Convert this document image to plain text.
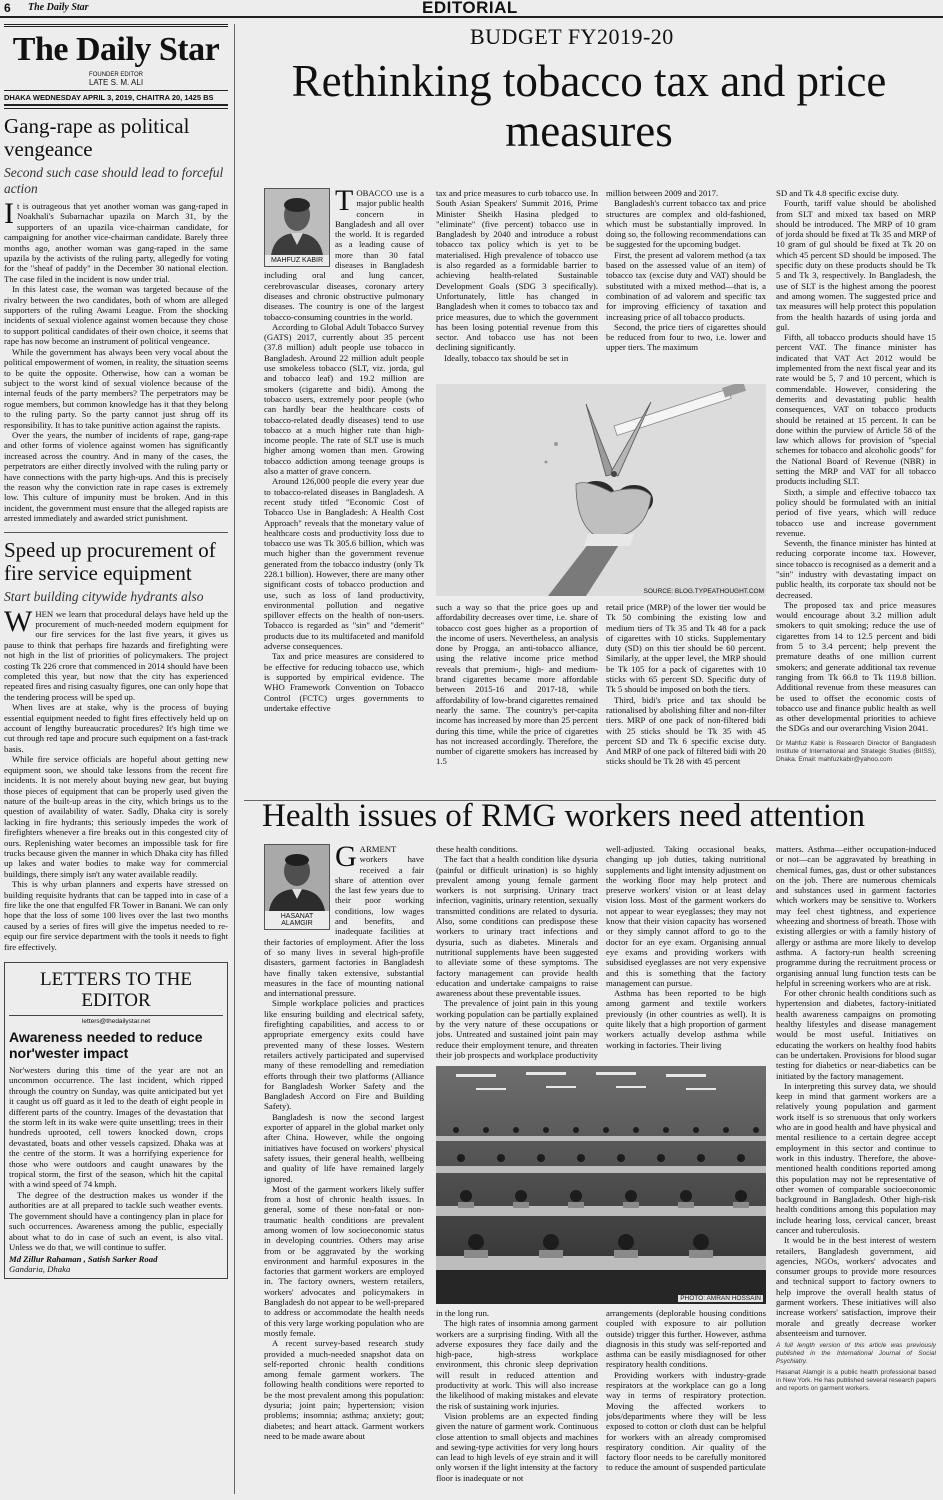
6 The Daily Star	EDITORIAL
The Daily Star
FOUNDER EDITOR
LATE S. M. ALI
DHAKA WEDNESDAY APRIL 3, 2019, CHAITRA 20, 1425 BS
Gang-rape as political vengeance
Second such case should lead to forceful action

It is outrageous that yet another woman was gang-raped in Noakhali's Subarnachar upazila on March 31, by the supporters of an upazila vice-chairman candidate, for campaigning for another vice-chairman candidate. Barely three months ago, another woman was gang-raped in the same upazila by the activists of the ruling party, allegedly for voting for the "sheaf of paddy" in the December 30 national election. The case filed in the incident is now under trial.

In this latest case, the woman was targeted because of the rivalry between the two candidates, both of whom are alleged supporters of the ruling Awami League. From the shocking incidents of sexual violence against women because they chose to support political candidates of their own choice, it seems that rape has now become an instrument of political vengeance.

While the government has always been very vocal about the political empowerment of women, in reality, the situation seems to be quite the opposite. Otherwise, how can a woman be subject to the worst kind of sexual violence because of the internal feuds of the party members? The perpetrators may be rogue members, but common knowledge has it that they belong to the ruling party. So the party cannot just shrug off its responsibility. It has to take punitive action against the rapists.

Over the years, the number of incidents of rape, gang-rape and other forms of violence against women has significantly increased across the country. And in many of the cases, the perpetrators are either directly involved with the ruling party or have connections with the party high-ups. And this is precisely the reason why the conviction rate in rape cases is extremely low. This culture of impunity must be broken. And in this incident, the government must ensure that the alleged rapists are arrested immediately and awarded strict punishment.

Speed up procurement of fire service equipment
Start building citywide hydrants also

WHEN we learn that procedural delays have held up the procurement of much-needed modern equipment for our fire services for the last five years, it gives us pause to think that perhaps fire hazards and firefighting were not high in the list of priorities of policymakers. The project costing Tk 226 crore that commenced in 2014 should have been completed this year, but now that the city has experienced repeated fires and rising casualty figures, one can only hope that the tendering process will be sped up.

When lives are at stake, why is the process of buying essential equipment needed to fight fires effectively held up on account of lengthy bureaucratic procedures? It's high time we cut through red tape and procure such equipment on a fast-track basis.

While fire service officials are hopeful about getting new equipment soon, we should take lessons from the recent fire incidents. It is not merely about buying new gear, but buying those pieces of equipment that can be properly used given the nature of the built-up areas in the city, which brings us to the question of availability of water. Sadly, Dhaka city is sorely lacking in fire hydrants; this seriously impedes the work of firefighters whenever a fire breaks out in this congested city of ours. Replenishing water becomes an impossible task for fire trucks because given the manner in which Dhaka city has filled up lakes and water bodies to make way for commercial buildings, there simply isn't any water available readily.

This is why urban planners and experts have stressed on building requisite hydrants that can be tapped into in case of a fire like the one that engulfed FR Tower in Banani. We can only hope that the loss of some 100 lives over the last two months caused by a series of fires will give the impetus needed to re-equip our fire service department with the tools it needs to fight fire effectively.

LETTERS TO THE EDITOR
letters@thedailystar.net
Awareness needed to reduce nor'wester impact

Nor'westers during this time of the year are not an uncommon occurrence. The last incident, which ripped through the country on Sunday, was quite anticipated but yet it caught us off guard as it led to the death of eight people in different parts of the country. Images of the devastation that the storm left in its wake were quite unsettling; trees in their hundreds uprooted, cell towers knocked down, crops devastated, boats and other vessels capsized. Dhaka was at the centre of the storm. It was a horrifying experience for those who were outdoors and caught unawares by the tropical storm, the first of the season, which hit the capital with a wind speed of 74 kmph.

The degree of the destruction makes us wonder if the authorities are at all prepared to tackle such weather events. The government should have a contingency plan in place for such occurrences. Awareness among the public, especially about what to do in case of such an event, is also vital. Unless we do that, we will continue to suffer.

Md Zillur Rahaman , Satish Sarker Road
Gandaria, Dhaka
BUDGET FY2019-20
Rethinking tobacco tax and price measures
MAHFUZ KABIR

TOBACCO use is a major public health concern in Bangladesh and all over the world. It is regarded as a leading cause of more than 30 fatal diseases in Bangladesh including oral and lung cancer, cerebrovascular diseases, coronary artery diseases and chronic obstructive pulmonary diseases. The country is one of the largest tobacco-consuming countries in the world.

According to Global Adult Tobacco Survey (GATS) 2017, currently about 35 percent (37.8 million) adult people use tobacco in Bangladesh. Around 22 million adult people use smokeless tobacco (SLT, viz. jorda, gul and tobacco leaf) and 19.2 million are smokers (cigarette and bidi). Among the tobacco users, extremely poor people (who can hardly bear the healthcare costs of tobacco-related deadly diseases) tend to use tobacco at a much higher rate than high-income people. The rate of SLT use is much higher among women than men. Growing tobacco addiction among teenage groups is also a matter of grave concern.

Around 126,000 people die every year due to tobacco-related diseases in Bangladesh. A recent study titled "Economic Cost of Tobacco Use in Bangladesh: A Health Cost Approach" reveals that the monetary value of healthcare costs and productivity loss due to tobacco use was Tk 305.6 billion, which was much higher than the government revenue generated from the tobacco industry (only Tk 228.1 billion). However, there are many other significant costs of tobacco production and use, such as loss of land productivity, environmental pollution and negative spillover effects on the health of non-users. Tobacco is regarded as "sin" and "demerit" products due to its multifaceted and manifold adverse consequences.

Tax and price measures are considered to be effective for reducing tobacco use, which is supported by empirical evidence. The WHO Framework Convention on Tobacco Control (FCTC) urges governments to undertake effective

tax and price measures to curb tobacco use. In South Asian Speakers' Summit 2016, Prime Minister Sheikh Hasina pledged to "eliminate" (five percent) tobacco use in Bangladesh by 2040 and introduce a robust tobacco tax policy which is yet to be materialised. High prevalence of tobacco use is also regarded as a formidable barrier to achieving health-related Sustainable Development Goals (SDG 3 specifically). Unfortunately, little has changed in Bangladesh when it comes to tobacco tax and price measures, due to which the government has been losing potential revenue from this sector. And tobacco use has not been declining significantly.

Ideally, tobacco tax should be set in

million between 2009 and 2017.

Bangladesh's current tobacco tax and price structures are complex and old-fashioned, which must be substantially improved. In doing so, the following recommendations can be suggested for the upcoming budget.

First, the present ad valorem method (a tax based on the assessed value of an item) of tobacco tax (excise duty and VAT) should be substituted with a mixed method—that is, a combination of ad valorem and specific tax for improving efficiency of taxation and increasing price of all tobacco products.

Second, the price tiers of cigarettes should be reduced from four to two, i.e. lower and upper tiers. The maximum

SOURCE: BLOG.TYPEATHOUGHT.COM

such a way so that the price goes up and affordability decreases over time, i.e. share of tobacco cost goes higher as a proportion of the income of users. Nevertheless, an analysis done by Progga, an anti-tobacco alliance, using the relative income price method reveals that premium-, high- and medium-brand cigarettes became more affordable between 2015-16 and 2017-18, while affordability of low-brand cigarettes remained nearly the same. The country's per-capita income has increased by more than 25 percent during this time, while the price of cigarettes has not increased accordingly. Therefore, the number of cigarette smokers has increased by 1.5

retail price (MRP) of the lower tier would be Tk 50 combining the existing low and medium tiers of Tk 35 and Tk 48 for a pack of cigarettes with 10 sticks. Supplementary duty (SD) on this tier should be 60 percent. Similarly, at the upper level, the MRP should be Tk 105 for a pack of cigarettes with 10 sticks with 65 percent SD. Specific duty of Tk 5 should be imposed on both the tiers.

Third, bidi's price and tax should be rationalised by abolishing filter and non-filter tiers. MRP of one pack of non-filtered bidi with 25 sticks should be Tk 35 with 45 percent SD and Tk 6 specific excise duty. And MRP of one pack of filtered bidi with 20 sticks should be Tk 28 with 45 percent

SD and Tk 4.8 specific excise duty.

Fourth, tariff value should be abolished from SLT and mixed tax based on MRP should be introduced. The MRP of 10 gram of jorda should be fixed at Tk 35 and MRP of 10 gram of gul should be fixed at Tk 20 on which 45 percent SD should be imposed. The specific duty on these products should be Tk 5 and Tk 3, respectively. In Bangladesh, the use of SLT is the highest among the poorest and among women. The suggested price and tax measures will help protect this population from the health hazards of using jorda and gul.

Fifth, all tobacco products should have 15 percent VAT. The finance minister has indicated that VAT Act 2012 would be implemented from the next fiscal year and its rate would be 5, 7 and 10 percent, which is commendable. However, considering the demerits and devastating public health consequences, VAT on tobacco products should be retained at 15 percent. It can be done within the purview of Article 58 of the law which allows for provision of "special schemes for tobacco and alcoholic goods" for the National Board of Revenue (NBR) in setting the MRP and VAT for all tobacco products including SLT.

Sixth, a simple and effective tobacco tax policy should be formulated with an initial period of five years, which will reduce tobacco use and increase government revenue.

Seventh, the finance minister has hinted at reducing corporate income tax. However, since tobacco is recognised as a demerit and a "sin" industry with devastating impact on public health, its corporate tax should not be decreased.

The proposed tax and price measures would encourage about 3.2 million adult smokers to quit smoking; reduce the use of cigarettes from 14 to 12.5 percent and bidi from 5 to 3.4 percent; help prevent the premature deaths of one million current smokers; and generate additional tax revenue ranging from Tk 66.8 to Tk 119.8 billion. Additional revenue from these measures can be used to offset the economic costs of tobacco use and finance public health as well as other developmental priorities to achieve the SDGs and our overarching Vision 2041.

Dr Mahfuz Kabir is Research Director of Bangladesh Institute of International and Strategic Studies (BIISS), Dhaka. Email: mahfuzkabir@yahoo.com
Health issues of RMG workers need attention
HASANAT ALAMGIR

GARMENT workers have received a fair share of attention over the last few years due to their poor working conditions, low wages and benefits, and inadequate facilities at their factories of employment. After the loss of so many lives in several high-profile disasters, garment factories in Bangladesh have finally taken extensive, substantial measures in the face of mounting national and international pressure.

Simple workplace policies and practices like ensuring building and electrical safety, firefighting capabilities, and access to or appropriate emergency exits could have prevented many of these losses. Western retailers actively participated and supervised many of these remodelling and remediation efforts through their two platforms (Alliance for Bangladesh Worker Safety and the Bangladesh Accord on Fire and Building Safety).

Bangladesh is now the second largest exporter of apparel in the global market only after China. However, while the ongoing initiatives have focused on workers' physical safety issues, their general health, wellbeing and quality of life have remained largely ignored.

Most of the garment workers likely suffer from a host of chronic health issues. In general, some of these non-fatal or non-traumatic health conditions are prevalent among women of low socioeconomic status in developing countries. Others may arise from or be aggravated by the working environment and harmful exposures in the factories that garment workers are employed in. The factory owners, western retailers, workers' advocates and policymakers in Bangladesh do not appear to be well-prepared to address or accommodate the health needs of this very large working population who are mostly female.

A recent survey-based research study provided a much-needed snapshot data on self-reported chronic health conditions among female garment workers. The following health conditions were reported to be the most prevalent among this population: dysuria; joint pain; hypertension; vision problems; insomnia; asthma; anxiety; gout; diabetes; and heart attack. Garment workers need to be made aware about

these health conditions.

The fact that a health condition like dysuria (painful or difficult urination) is so highly prevalent among young female garment workers is not surprising. Urinary tract infection, vaginitis, urinary retention, sexually transmitted conditions are related to dysuria. Also, some conditions can predispose these workers to urinary tract infections and dysuria, such as diabetes. Minerals and nutritional supplements have been suggested to alleviate some of these symptoms. The factory management can provide health education and undertake campaigns to raise awareness about these preventable issues.

The prevalence of joint pain in this young working population can be partially explained by the very nature of these occupations or jobs. Untreated and sustained joint pain may reduce their employment tenure, and threaten their job prospects and workplace productivity

well-adjusted. Taking occasional beaks, changing up job duties, taking nutritional supplements and light intensity adjustment on the working floor may help protect and preserve workers' vision or at least delay vision loss. Most of the garment workers do not appear to wear eyeglasses; they may not know that their vision capacity has worsened or they simply cannot afford to go to the doctor for an eye exam. Organising annual eye exams and providing workers with subsidised eyeglasses are not very expensive and this is something that the factory management can pursue.

Asthma has been reported to be high among garment and textile workers previously (in other countries as well). It is quite likely that a high proportion of garment workers actually develop asthma while working in factories. Their living

PHOTO: AMRAN HOSSAIN

in the long run.

The high rates of insomnia among garment workers are a surprising finding. With all the adverse exposures they face daily and the high-pace, high-stress workplace environment, this chronic sleep deprivation will result in reduced attention and productivity at work. This will also increase the likelihood of making mistakes and elevate the risk of sustaining work injuries.

Vision problems are an expected finding given the nature of garment work. Continuous close attention to small objects and machines and sewing-type activities for very long hours can lead to high levels of eye strain and it will only worsen if the light intensity at the factory floor is inadequate or not

arrangements (deplorable housing conditions coupled with exposure to air pollution outside) trigger this further. However, asthma diagnosis in this study was self-reported and asthma can be easily misdiagnosed for other respiratory health conditions.

Providing workers with industry-grade respirators at the workplace can go a long way in terms of respiratory protection. Moving the affected workers to jobs/departments where they will be less exposed to cotton or cloth dust can be helpful for workers with an already compromised respiratory condition. Air quality of the factory floor needs to be carefully monitored to reduce the amount of suspended particulate

matters. Asthma—either occupation-induced or not—can be aggravated by breathing in chemical fumes, gas, dust or other substances on the job. There are numerous chemicals and substances used in garment factories which workers may be sensitive to. Workers may feel chest tightness, and experience wheezing and shortness of breath. Those with existing allergies or with a family history of allergy or asthma are more likely to develop asthma. A factory-run health screening programme during the recruitment process or organising annual lung function tests can be helpful in screening workers who are at risk.

For other chronic health conditions such as hypertension and diabetes, factory-initiated health awareness campaigns on promoting healthy lifestyles and disease management would be most useful. Initiatives on educating the workers on healthy food habits can be undertaken. Provisions for blood sugar testing for diabetics or near-diabetics can be initiated by the factory management.

In interpreting this survey data, we should keep in mind that garment workers are a relatively young population and garment work itself is so strenuous that only workers who are in good health and have physical and mental resilience to a certain degree accept employment in this sector and continue to work in this industry. Therefore, the above-mentioned health conditions reported among this population may not be representative of other women of comparable socioeconomic background in Bangladesh. Other high-risk health conditions among this population may include hearing loss, cervical cancer, breast cancer and tuberculosis.

It would be in the best interest of western retailers, Bangladesh government, aid agencies, NGOs, workers' advocates and consumer groups to provide more resources and technical support to factory owners to help improve the overall health status of garment workers. These initiatives will also increase workers' satisfaction, improve their morale and greatly decrease worker absenteeism and turnover.

A full length version of this article was previously published in the International Journal of Social Psychiatry.
Hasanat Alamgir is a public health professional based in New York. He has published several research papers and reports on garment workers.
